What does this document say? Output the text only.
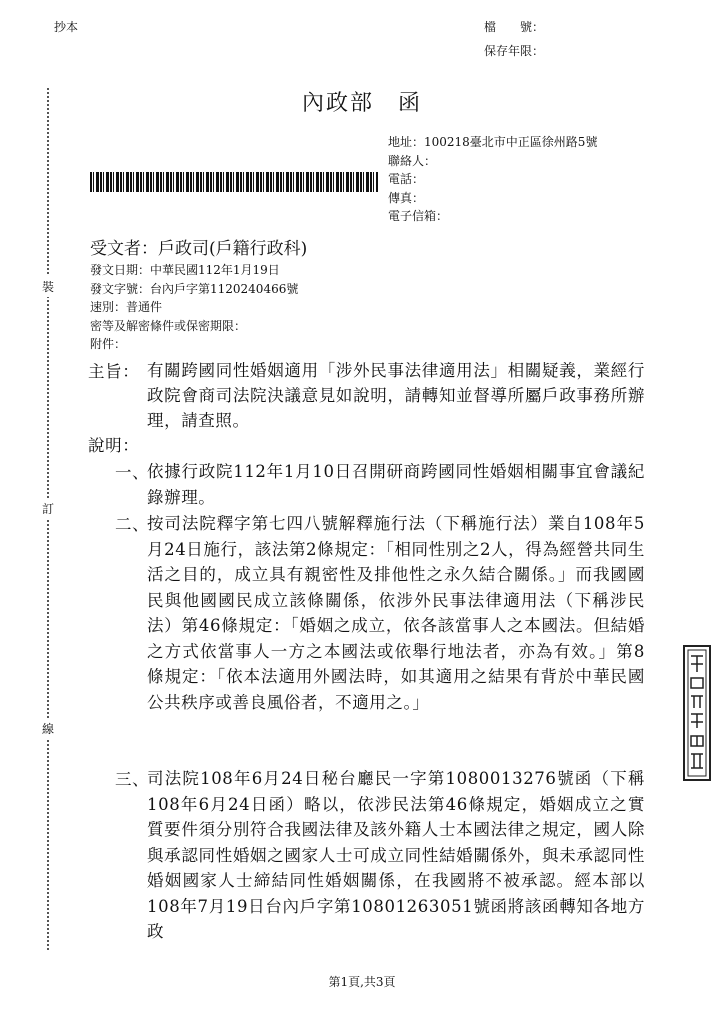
抄本	檔　　號：
保存年限：
裝
訂
線
內政部　函
地址：100218臺北市中正區徐州路5號
聯絡人：
電話：
傳真：
電子信箱：
受文者：戶政司(戶籍行政科)
發文日期：中華民國112年1月19日
發文字號：台內戶字第1120240466號
速別：普通件
密等及解密條件或保密期限：
附件：
主旨： 有關跨國同性婚姻適用「涉外民事法律適用法」相關疑義，業經行政院會商司法院決議意見如說明，請轉知並督導所屬戶政事務所辦理，請查照。
說明：
一、
依據行政院112年1月10日召開研商跨國同性婚姻相關事宜會議紀錄辦理。
二、
按司法院釋字第七四八號解釋施行法（下稱施行法）業自108年5月24日施行，該法第2條規定：「相同性別之2人，得為經營共同生活之目的，成立具有親密性及排他性之永久結合關係。」而我國國民與他國國民成立該條關係，依涉外民事法律適用法（下稱涉民法）第46條規定：「婚姻之成立，依各該當事人之本國法。但結婚之方式依當事人一方之本國法或依舉行地法者，亦為有效。」第8條規定：「依本法適用外國法時，如其適用之結果有背於中華民國公共秩序或善良風俗者，不適用之。」
三、
司法院108年6月24日秘台廳民一字第1080013276號函（下稱108年6月24日函）略以，依涉民法第46條規定，婚姻成立之實質要件須分別符合我國法律及該外籍人士本國法律之規定，國人除與承認同性婚姻之國家人士可成立同性結婚關係外，與未承認同性婚姻國家人士締結同性婚姻關係，在我國將不被承認。經本部以108年7月19日台內戶字第10801263051號函將該函轉知各地方政
第1頁,共3頁
